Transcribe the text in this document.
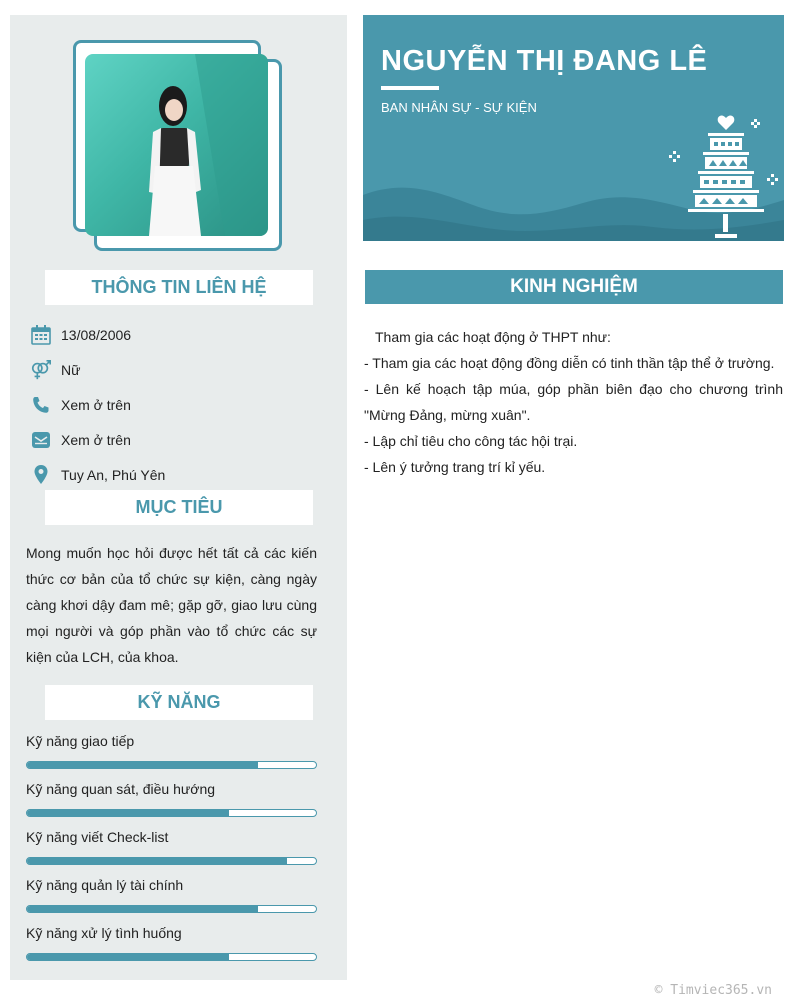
THÔNG TIN LIÊN HỆ
13/08/2006
Nữ
Xem ở trên
Xem ở trên
Tuy An, Phú Yên
MỤC TIÊU
Mong muốn học hỏi được hết tất cả các kiến thức cơ bản của tổ chức sự kiện, càng ngày càng khơi dậy đam mê; gặp gỡ, giao lưu cùng mọi người và góp phần vào tổ chức các sự kiện của LCH, của khoa.
KỸ NĂNG
Kỹ năng giao tiếp
Kỹ năng quan sát, điều hướng
Kỹ năng viết Check-list
Kỹ năng quản lý tài chính
Kỹ năng xử lý tình huống
NGUYỄN THỊ ĐANG LÊ
BAN NHÂN SỰ - SỰ KIỆN
KINH NGHIỆM

Tham gia các hoạt động ở THPT như:

- Tham gia các hoạt động đồng diễn có tinh thần tập thể ở trường.

- Lên kế hoạch tập múa, góp phần biên đạo cho chương trình "Mừng Đảng, mừng xuân".

- Lập chỉ tiêu cho công tác hội trại.

- Lên ý tưởng trang trí kỉ yếu.

© Timviec365.vn
